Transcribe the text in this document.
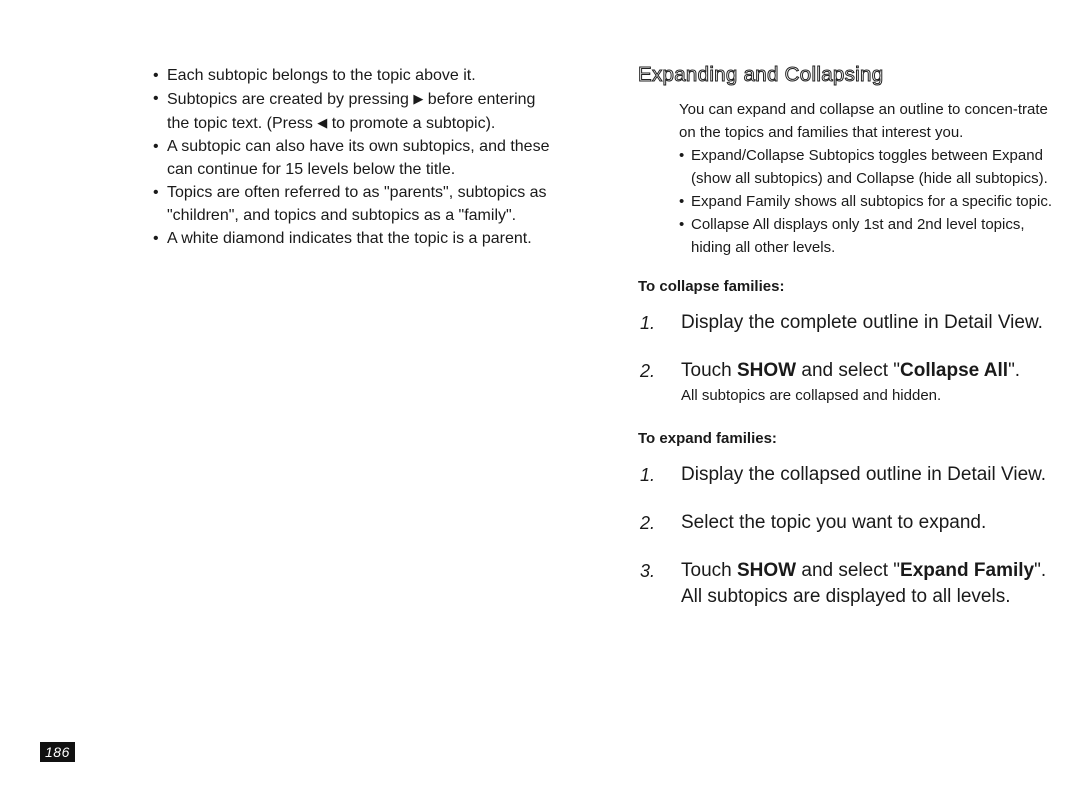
• Each subtopic belongs to the topic above it.

• Subtopics are created by pressing ▶ before entering the topic text. (Press ◀ to promote a subtopic).

• A subtopic can also have its own subtopics, and these can continue for 15 levels below the title.

• Topics are often referred to as "parents", subtopics as "children", and topics and subtopics as a "family".

• A white diamond indicates that the topic is a parent.

Expanding and Collapsing

You can expand and collapse an outline to concen-trate on the topics and families that interest you.

• Expand/Collapse Subtopics toggles between Expand (show all subtopics) and Collapse (hide all subtopics).

• Expand Family shows all subtopics for a specific topic.

• Collapse All displays only 1st and 2nd level topics, hiding all other levels.

To collapse families:
1. Display the complete outline in Detail View.
2. Touch SHOW and select "Collapse All".
All subtopics are collapsed and hidden.
To expand families:
1. Display the collapsed outline in Detail View.
2. Select the topic you want to expand.
3. Touch SHOW and select "Expand Family".
All subtopics are displayed to all levels.
186
